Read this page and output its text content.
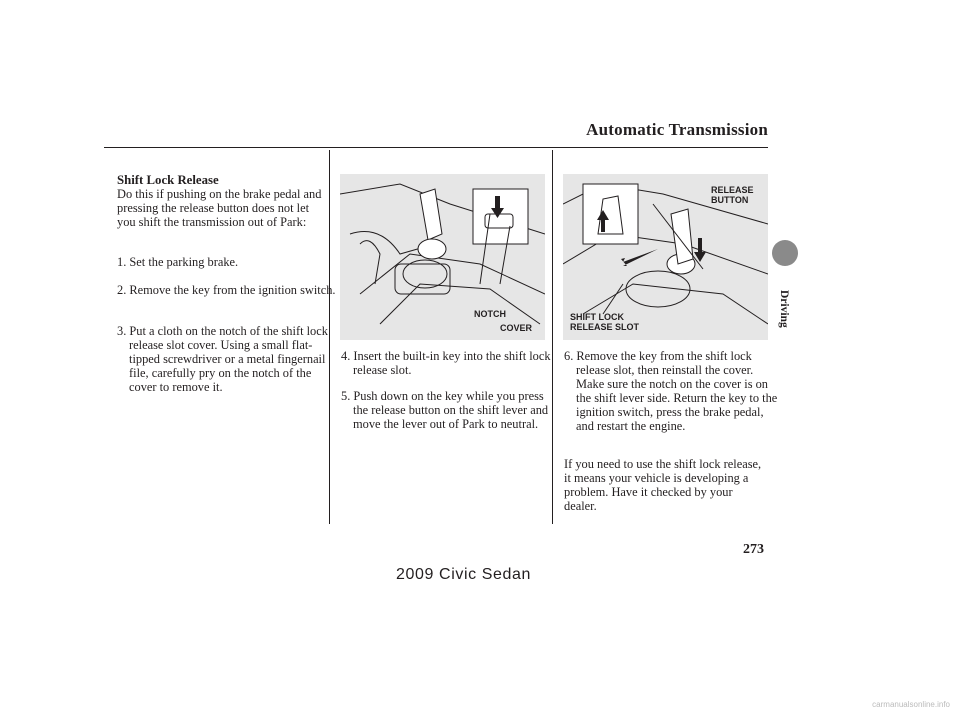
Automatic Transmission
Driving
Shift Lock Release
Do this if pushing on the brake pedal and pressing the release button does not let you shift the transmission out of Park:
1. Set the parking brake.
2. Remove the key from the ignition switch.
3. Put a cloth on the notch of the shift lock release slot cover. Using a small flat-tipped screwdriver or a metal fingernail file, carefully pry on the notch of the cover to remove it.
NOTCH
COVER
4. Insert the built-in key into the shift lock release slot.
5. Push down on the key while you press the release button on the shift lever and move the lever out of Park to neutral.
RELEASE
BUTTON
SHIFT LOCK
RELEASE SLOT
6. Remove the key from the shift lock release slot, then reinstall the cover. Make sure the notch on the cover is on the shift lever side. Return the key to the ignition switch, press the brake pedal, and restart the engine.
If you need to use the shift lock release, it means your vehicle is developing a problem. Have it checked by your dealer.
273
2009 Civic Sedan
carmanualsonline.info
